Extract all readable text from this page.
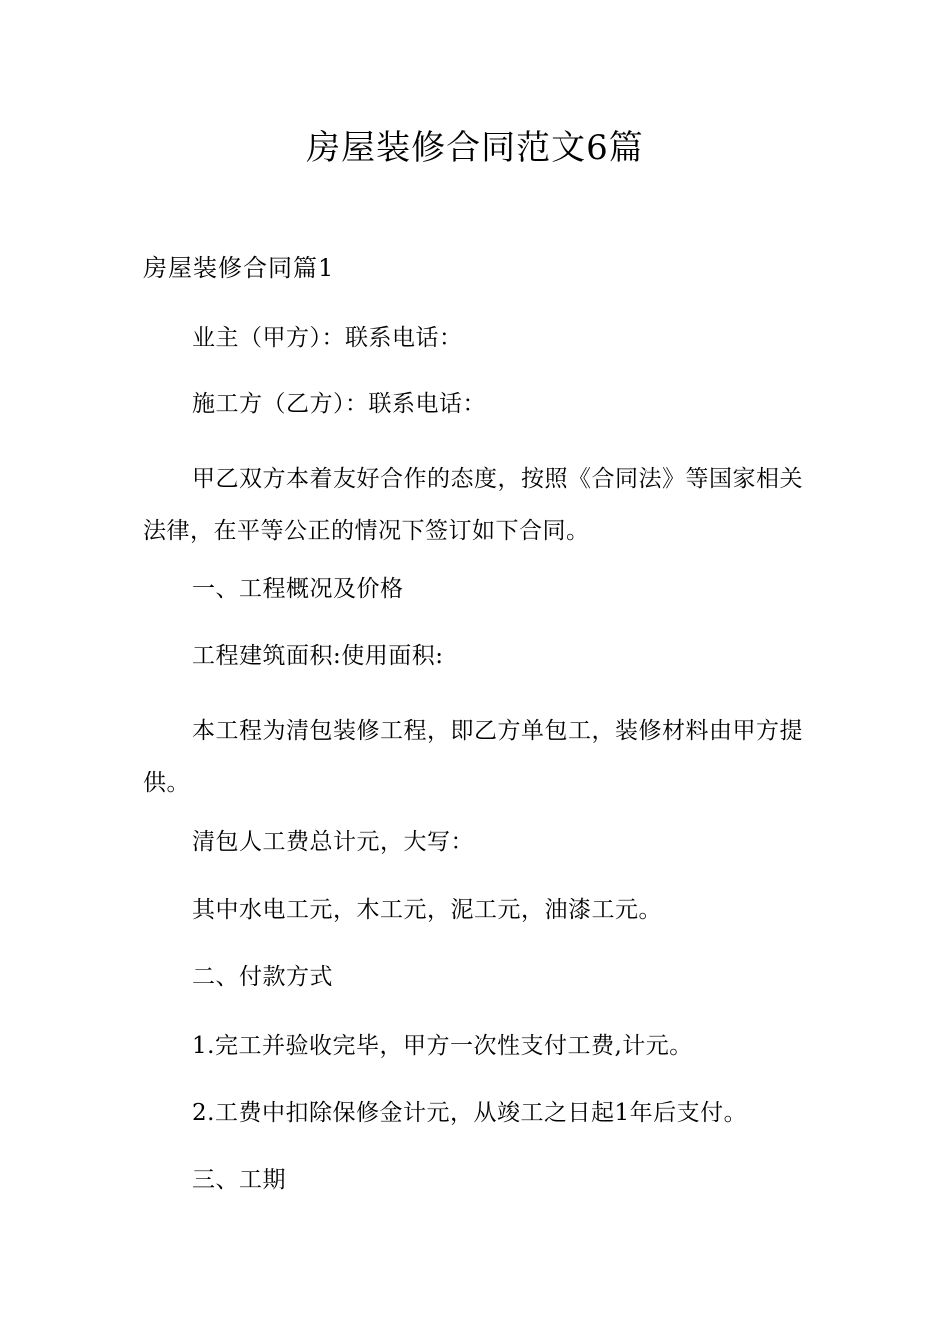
房屋装修合同范文6篇
房屋装修合同篇1

业主（甲方）：联系电话：

施工方（乙方）：联系电话：

甲乙双方本着友好合作的态度，按照《合同法》等国家相关法律，在平等公正的情况下签订如下合同。

一、工程概况及价格

工程建筑面积:使用面积:

本工程为清包装修工程，即乙方单包工，装修材料由甲方提供。

清包人工费总计元，大写：

其中水电工元，木工元，泥工元，油漆工元。

二、付款方式

1.完工并验收完毕，甲方一次性支付工费,计元。

2.工费中扣除保修金计元，从竣工之日起1年后支付。

三、工期
